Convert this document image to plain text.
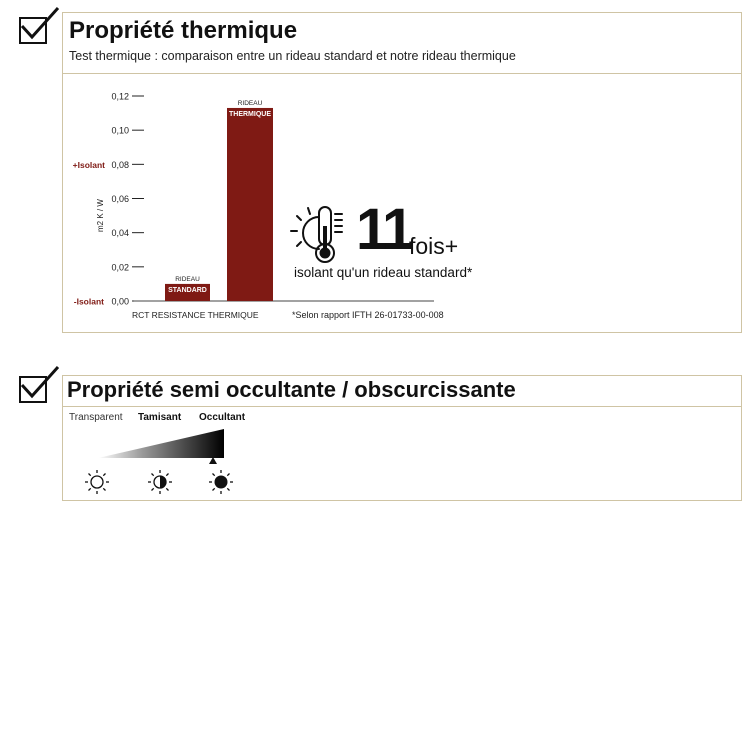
Propriété thermique
Test thermique : comparaison entre un rideau standard et notre rideau thermique
0,00
0,02
0,04
0,06
0,08
0,10
0,12
m2 K / W
+Isolant
-Isolant
RIDEAU
STANDARD
RIDEAU
THERMIQUE
RCT RESISTANCE THERMIQUE	*Selon rapport IFTH 26-01733-00-008
11
fois+
isolant qu'un rideau standard*
Propriété semi occultante / obscurcissante
Transparent Tamisant Occultant
